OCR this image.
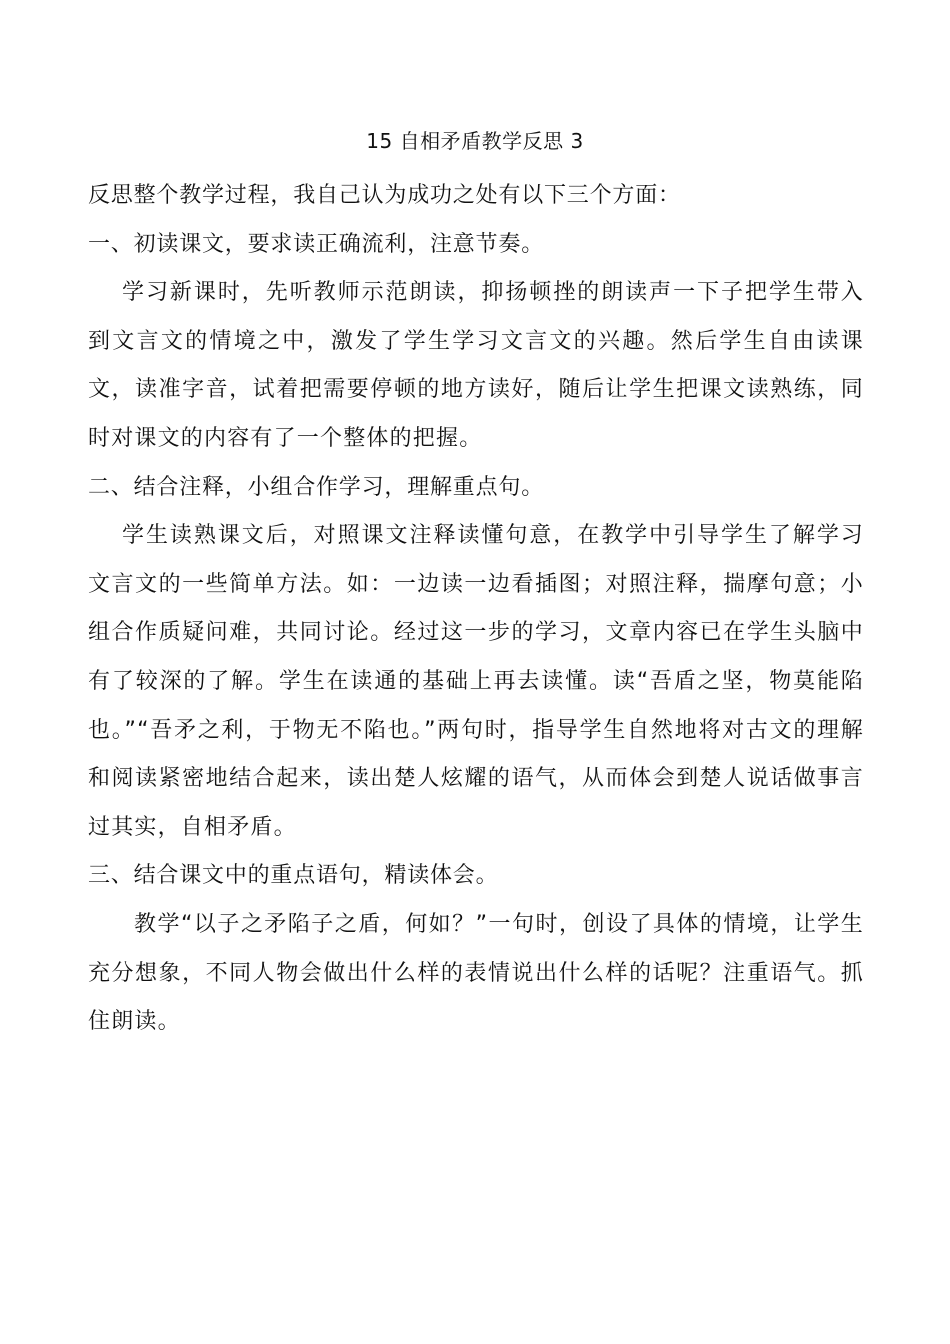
15 自相矛盾教学反思 3

反思整个教学过程，我自己认为成功之处有以下三个方面：

一、初读课文，要求读正确流利，注意节奏。

学习新课时，先听教师示范朗读，抑扬顿挫的朗读声一下子把学生带入到文言文的情境之中，激发了学生学习文言文的兴趣。然后学生自由读课文，读准字音，试着把需要停顿的地方读好，随后让学生把课文读熟练，同时对课文的内容有了一个整体的把握。

二、结合注释，小组合作学习，理解重点句。

学生读熟课文后，对照课文注释读懂句意，在教学中引导学生了解学习文言文的一些简单方法。如：一边读一边看插图；对照注释，揣摩句意；小组合作质疑问难，共同讨论。经过这一步的学习，文章内容已在学生头脑中有了较深的了解。学生在读通的基础上再去读懂。读“吾盾之坚，物莫能陷也。”“吾矛之利，于物无不陷也。”两句时，指导学生自然地将对古文的理解和阅读紧密地结合起来，读出楚人炫耀的语气，从而体会到楚人说话做事言过其实，自相矛盾。

三、结合课文中的重点语句，精读体会。

教学“以子之矛陷子之盾，何如？”一句时，创设了具体的情境，让学生充分想象，不同人物会做出什么样的表情说出什么样的话呢？注重语气。抓住朗读。
